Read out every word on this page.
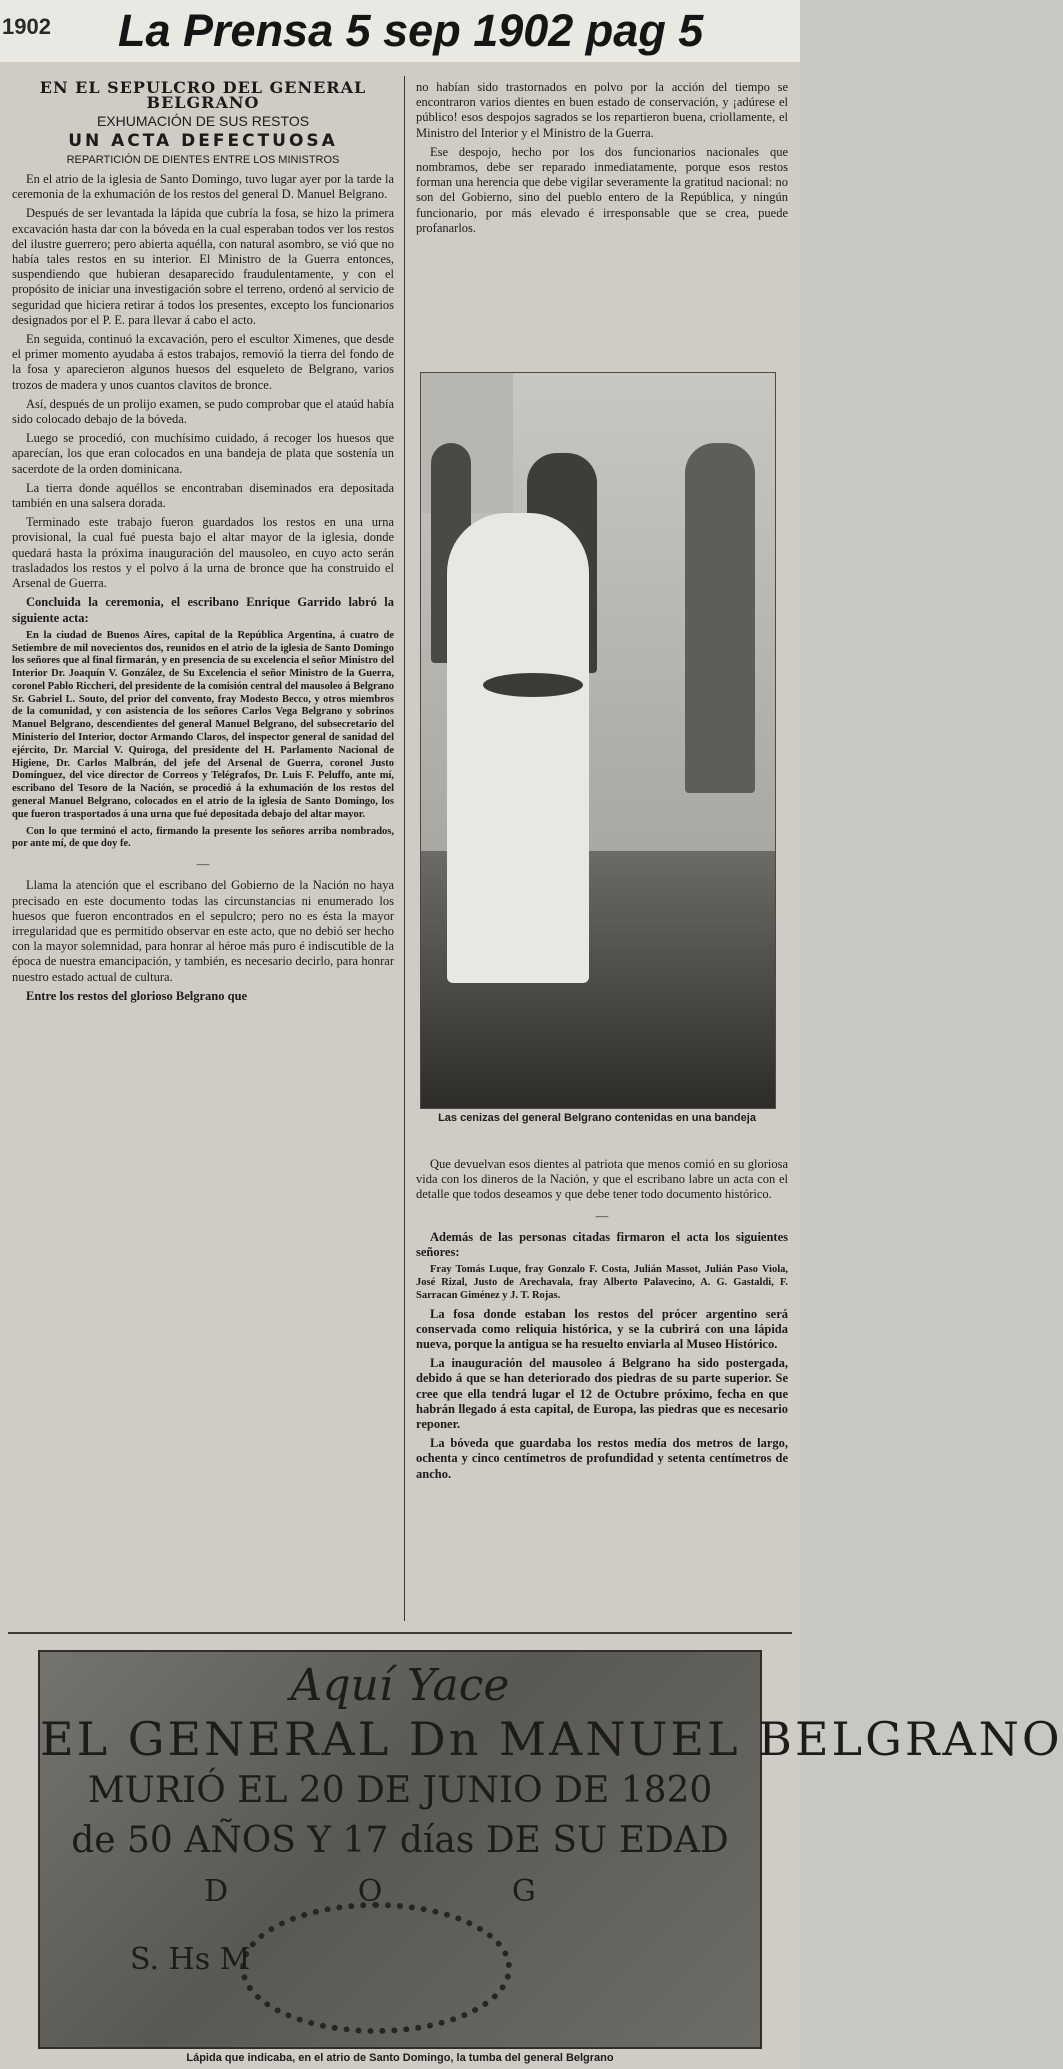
1902 La Prensa 5 sep 1902 pag 5

EN EL SEPULCRO DEL GENERAL BELGRANO

EXHUMACIÓN DE SUS RESTOS

UN ACTA DEFECTUOSA

REPARTICIÓN DE DIENTES ENTRE LOS MINISTROS

En el atrio de la iglesia de Santo Domingo, tuvo lugar ayer por la tarde la ceremonia de la exhumación de los restos del general D. Manuel Belgrano.

Después de ser levantada la lápida que cubría la fosa, se hizo la primera excavación hasta dar con la bóveda en la cual esperaban todos ver los restos del ilustre guerrero; pero abierta aquélla, con natural asombro, se vió que no había tales restos en su interior. El Ministro de la Guerra entonces, suspendiendo que hubieran desaparecido fraudulentamente, y con el propósito de iniciar una investigación sobre el terreno, ordenó al servicio de seguridad que hiciera retirar á todos los presentes, excepto los funcionarios designados por el P. E. para llevar á cabo el acto.

En seguida, continuó la excavación, pero el escultor Ximenes, que desde el primer momento ayudaba á estos trabajos, removió la tierra del fondo de la fosa y aparecieron algunos huesos del esqueleto de Belgrano, varios trozos de madera y unos cuantos clavitos de bronce.

Así, después de un prolijo examen, se pudo comprobar que el ataúd había sido colocado debajo de la bóveda.

Luego se procedió, con muchísimo cuidado, á recoger los huesos que aparecían, los que eran colocados en una bandeja de plata que sostenía un sacerdote de la orden dominicana.

La tierra donde aquéllos se encontraban diseminados era depositada también en una salsera dorada.

Terminado este trabajo fueron guardados los restos en una urna provisional, la cual fué puesta bajo el altar mayor de la iglesia, donde quedará hasta la próxima inauguración del mausoleo, en cuyo acto serán trasladados los restos y el polvo á la urna de bronce que ha construido el Arsenal de Guerra.

Concluida la ceremonia, el escribano Enrique Garrido labró la siguiente acta:

En la ciudad de Buenos Aires, capital de la República Argentina, á cuatro de Setiembre de mil novecientos dos, reunidos en el atrio de la iglesia de Santo Domingo los señores que al final firmarán, y en presencia de su excelencia el señor Ministro del Interior Dr. Joaquín V. González, de Su Excelencia el señor Ministro de la Guerra, coronel Pablo Riccheri, del presidente de la comisión central del mausoleo á Belgrano Sr. Gabriel L. Souto, del prior del convento, fray Modesto Becco, y otros miembros de la comunidad, y con asistencia de los señores Carlos Vega Belgrano y sobrinos Manuel Belgrano, descendientes del general Manuel Belgrano, del subsecretario del Ministerio del Interior, doctor Armando Claros, del inspector general de sanidad del ejército, Dr. Marcial V. Quiroga, del presidente del H. Parlamento Nacional de Higiene, Dr. Carlos Malbrán, del jefe del Arsenal de Guerra, coronel Justo Domínguez, del vice director de Correos y Telégrafos, Dr. Luis F. Peluffo, ante mí, escribano del Tesoro de la Nación, se procedió á la exhumación de los restos del general Manuel Belgrano, colocados en el atrio de la iglesia de Santo Domingo, los que fueron trasportados á una urna que fué depositada debajo del altar mayor.

Con lo que terminó el acto, firmando la presente los señores arriba nombrados, por ante mí, de que doy fe.

—

Llama la atención que el escribano del Gobierno de la Nación no haya precisado en este documento todas las circunstancias ni enumerado los huesos que fueron encontrados en el sepulcro; pero no es ésta la mayor irregularidad que es permitido observar en este acto, que no debió ser hecho con la mayor solemnidad, para honrar al héroe más puro é indiscutible de la época de nuestra emancipación, y también, es necesario decirlo, para honrar nuestro estado actual de cultura.

Entre los restos del glorioso Belgrano que

no habían sido trastornados en polvo por la acción del tiempo se encontraron varios dientes en buen estado de conservación, y ¡adúrese el público! esos despojos sagrados se los repartieron buena, criollamente, el Ministro del Interior y el Ministro de la Guerra.

Ese despojo, hecho por los dos funcionarios nacionales que nombramos, debe ser reparado inmediatamente, porque esos restos forman una herencia que debe vigilar severamente la gratitud nacional: no son del Gobierno, sino del pueblo entero de la República, y ningún funcionario, por más elevado é irresponsable que se crea, puede profanarlos.

Las cenizas del general Belgrano contenidas en una bandeja

Que devuelvan esos dientes al patriota que menos comió en su gloriosa vida con los dineros de la Nación, y que el escribano labre un acta con el detalle que todos deseamos y que debe tener todo documento histórico.

—

Además de las personas citadas firmaron el acta los siguientes señores:

Fray Tomás Luque, fray Gonzalo F. Costa, Julián Massot, Julián Paso Viola, José Rizal, Justo de Arechavala, fray Alberto Palavecino, A. G. Gastaldi, F. Sarracan Giménez y J. T. Rojas.

La fosa donde estaban los restos del prócer argentino será conservada como reliquia histórica, y se la cubrirá con una lápida nueva, porque la antigua se ha resuelto enviarla al Museo Histórico.

La inauguración del mausoleo á Belgrano ha sido postergada, debido á que se han deteriorado dos piedras de su parte superior. Se cree que ella tendrá lugar el 12 de Octubre próximo, fecha en que habrán llegado á esta capital, de Europa, las piedras que es necesario reponer.

La bóveda que guardaba los restos medía dos metros de largo, ochenta y cinco centímetros de profundidad y setenta centímetros de ancho.

Aquí Yace
EL GENERAL Dn MANUEL BELGRANO
MURIÓ EL 20 DE JUNIO DE 1820
de 50 AÑOS Y 17 días DE SU EDAD
D O G
S. Hs M
Lápida que indicaba, en el atrio de Santo Domingo, la tumba del general Belgrano
